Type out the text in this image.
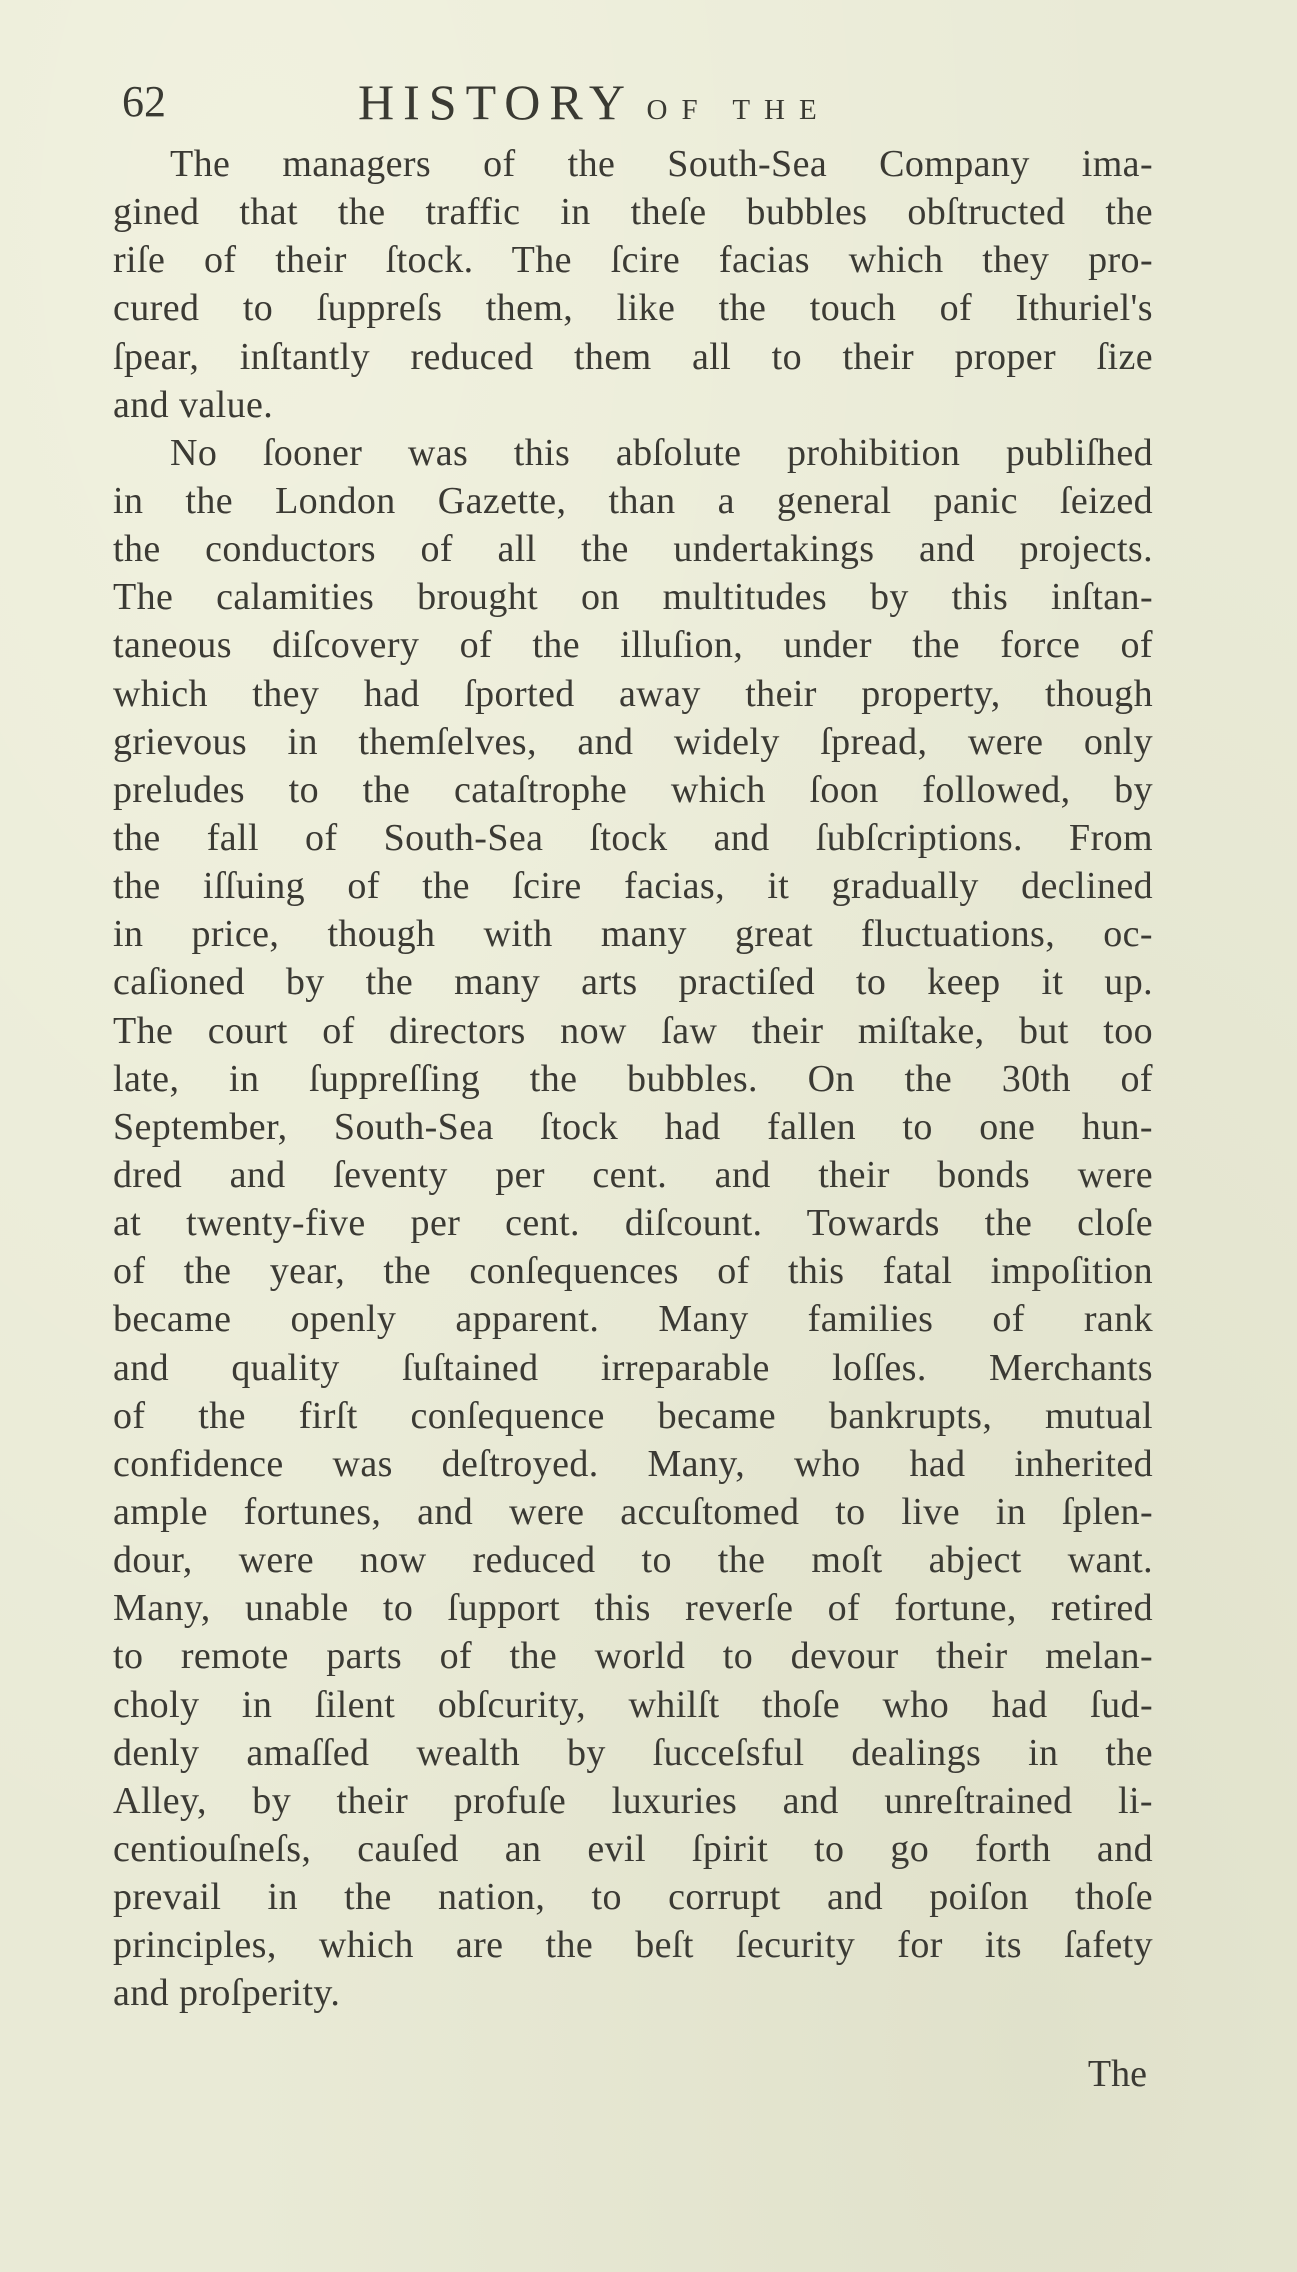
62	HISTORY OF THE
The managers of the South-Sea Company ima-
gined that the traffic in theſe bubbles obſtructed the
riſe of their ſtock. The ſcire facias which they pro-
cured to ſuppreſs them, like the touch of Ithuriel's
ſpear, inſtantly reduced them all to their proper ſize
and value.
No ſooner was this abſolute prohibition publiſhed
in the London Gazette, than a general panic ſeized
the conductors of all the undertakings and projects.
The calamities brought on multitudes by this inſtan-
taneous diſcovery of the illuſion, under the force of
which they had ſported away their property, though
grievous in themſelves, and widely ſpread, were only
preludes to the cataſtrophe which ſoon followed, by
the fall of South-Sea ſtock and ſubſcriptions. From
the iſſuing of the ſcire facias, it gradually declined
in price, though with many great fluctuations, oc-
caſioned by the many arts practiſed to keep it up.
The court of directors now ſaw their miſtake, but too
late, in ſuppreſſing the bubbles. On the 30th of
September, South-Sea ſtock had fallen to one hun-
dred and ſeventy per cent. and their bonds were
at twenty-five per cent. diſcount. Towards the cloſe
of the year, the conſequences of this fatal impoſition
became openly apparent. Many families of rank
and quality ſuſtained irreparable loſſes. Merchants
of the firſt conſequence became bankrupts, mutual
confidence was deſtroyed. Many, who had inherited
ample fortunes, and were accuſtomed to live in ſplen-
dour, were now reduced to the moſt abject want.
Many, unable to ſupport this reverſe of fortune, retired
to remote parts of the world to devour their melan-
choly in ſilent obſcurity, whilſt thoſe who had ſud-
denly amaſſed wealth by ſucceſsful dealings in the
Alley, by their profuſe luxuries and unreſtrained li-
centiouſneſs, cauſed an evil ſpirit to go forth and
prevail in the nation, to corrupt and poiſon thoſe
principles, which are the beſt ſecurity for its ſafety
and proſperity.
The
